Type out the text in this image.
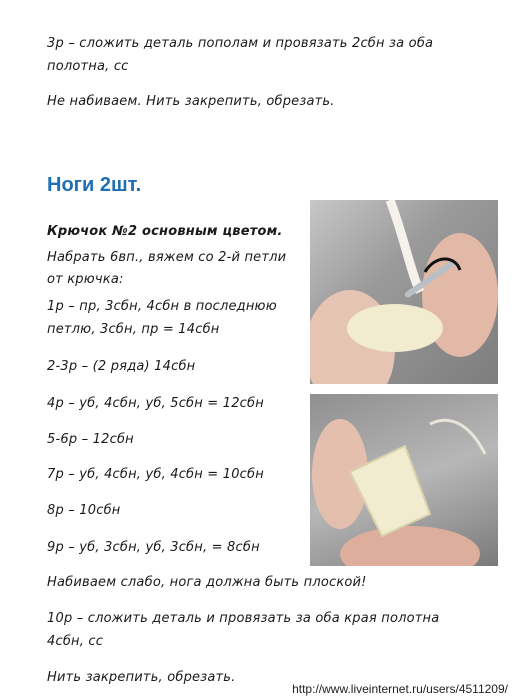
3р – сложить деталь пополам и провязать 2сбн за оба
полотна, сс
Не набиваем. Нить закрепить, обрезать.
Ноги 2шт.
Крючок №2 основным цветом.
Набрать 6вп., вяжем со 2-й петли
от крючка:
1р – пр, 3сбн, 4сбн в последнюю
петлю, 3сбн, пр = 14сбн
2-3р – (2 ряда) 14сбн
4р – уб, 4сбн, уб, 5сбн = 12сбн
5-6р – 12сбн
7р – уб, 4сбн, уб, 4сбн = 10сбн
8р – 10сбн
9р – уб, 3сбн, уб, 3сбн, = 8сбн
Набиваем слабо, нога должна быть плоской!
10р – сложить деталь и провязать за оба края полотна
4сбн, сс
Нить закрепить, обрезать.
http://www.liveinternet.ru/users/4511209/
